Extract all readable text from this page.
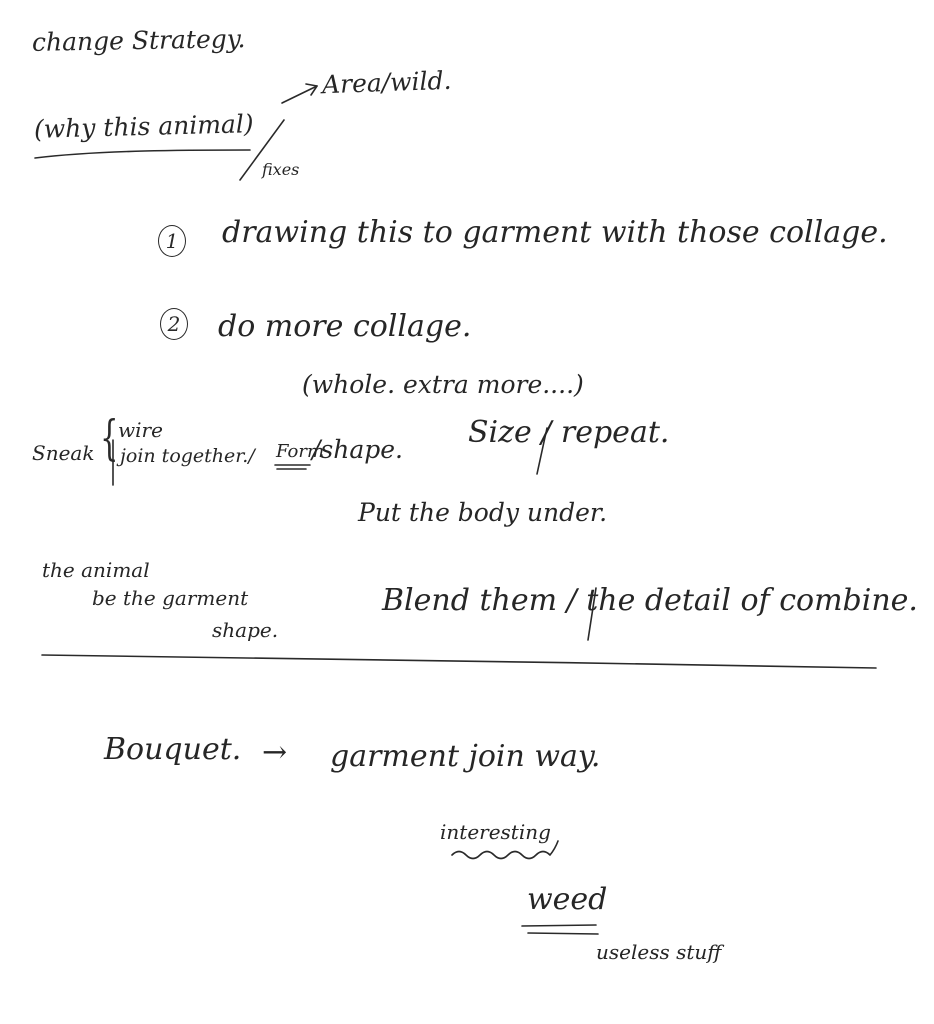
change Strategy.
Area/wild.
(why this animal)
fixes
1 drawing this to garment with those collage.
2 do more collage.
(whole. extra more....)
Sneak { wire
join together./ Form
/shape. Size / repeat.
Put the body under.
the animal
be the garment
shape.
Blend them / the detail of combine.
Bouquet. → garment join way.
interesting
weed
useless stuff
